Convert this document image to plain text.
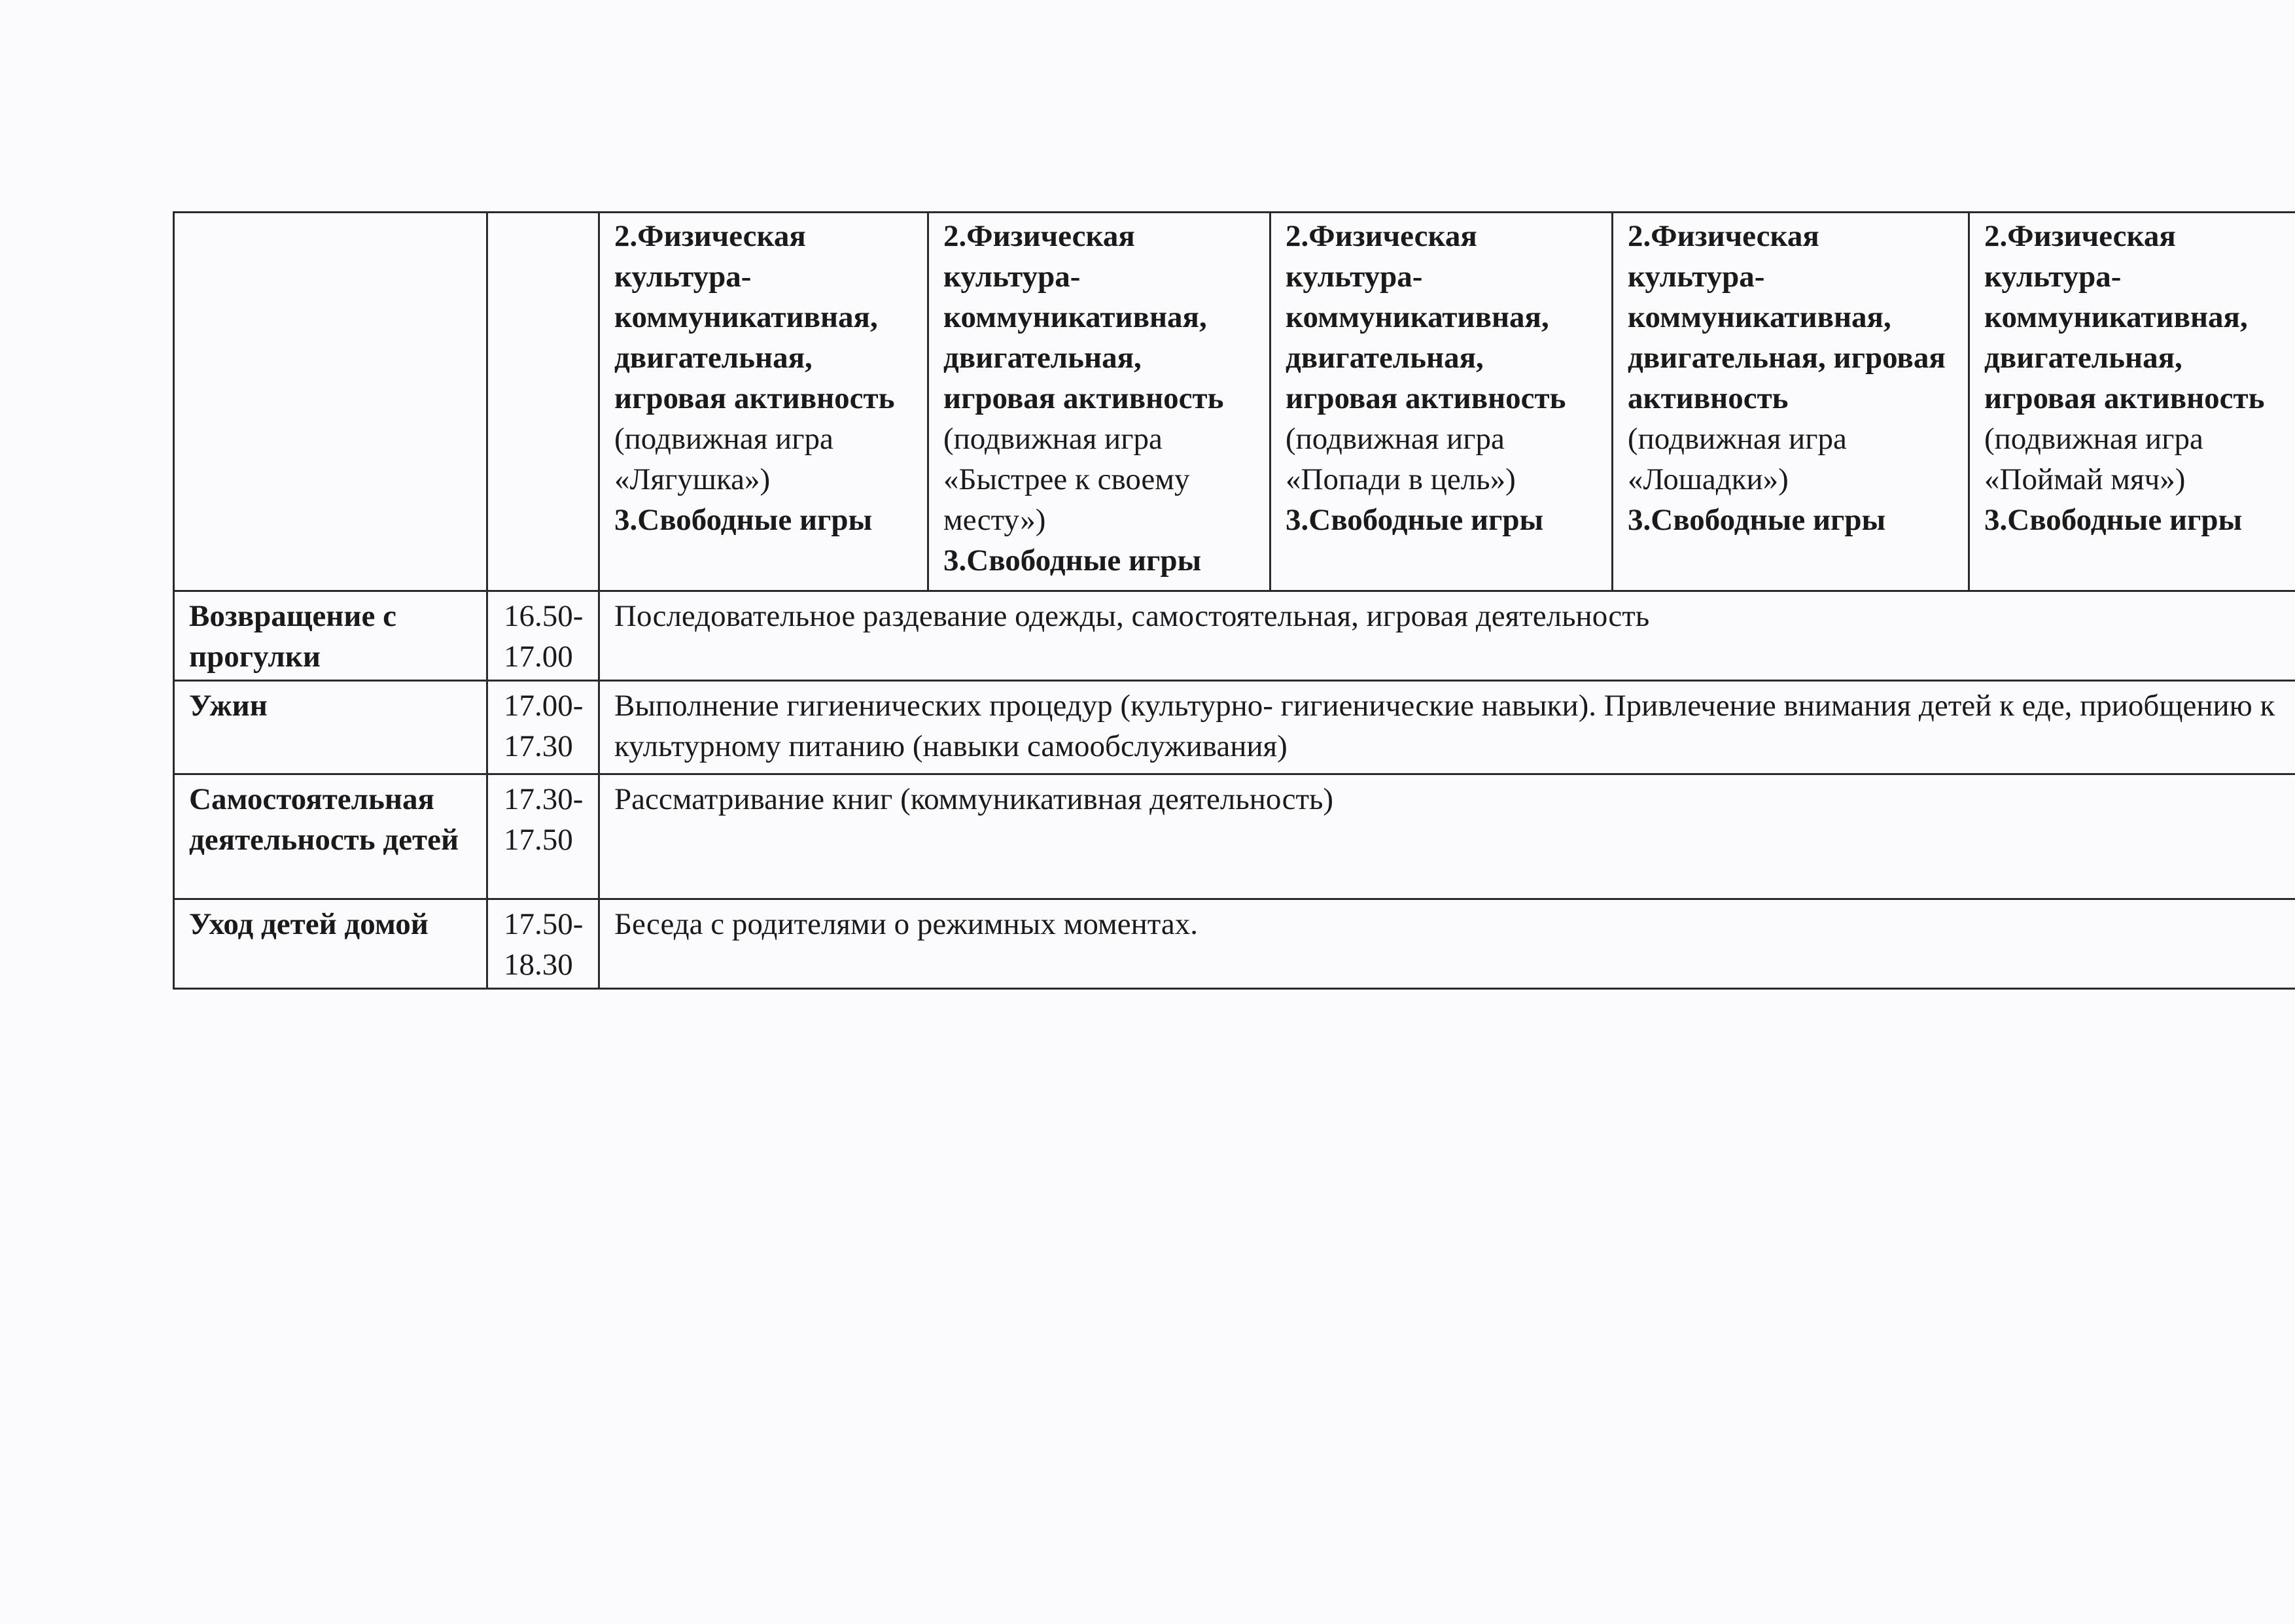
		2.Физическая культура-коммуникативная, двигательная, игровая активность
(подвижная игра «Лягушка»)
3.Свободные игры	2.Физическая культура-коммуникативная, двигательная, игровая активность
(подвижная игра «Быстрее к своему месту»)
3.Свободные игры	2.Физическая культура-коммуникативная, двигательная, игровая активность
(подвижная игра «Попади в цель»)
3.Свободные игры	2.Физическая культура-коммуникативная, двигательная, игровая активность
(подвижная игра «Лошадки»)
3.Свободные игры	2.Физическая культура-коммуникативная, двигательная, игровая активность
(подвижная игра «Поймай мяч»)
3.Свободные игры

Возвращение с прогулки	16.50-17.00	Последовательное раздевание одежды, самостоятельная, игровая деятельность				
Ужин	17.00-17.30	Выполнение гигиенических процедур (культурно- гигиенические навыки). Привлечение внимания детей к еде, приобщению к культурному питанию (навыки самообслуживания)				
Самостоятельная деятельность детей	17.30-17.50	Рассматривание книг (коммуникативная деятельность)				
Уход детей домой	17.50-18.30	Беседа с родителями о режимных моментах.				
